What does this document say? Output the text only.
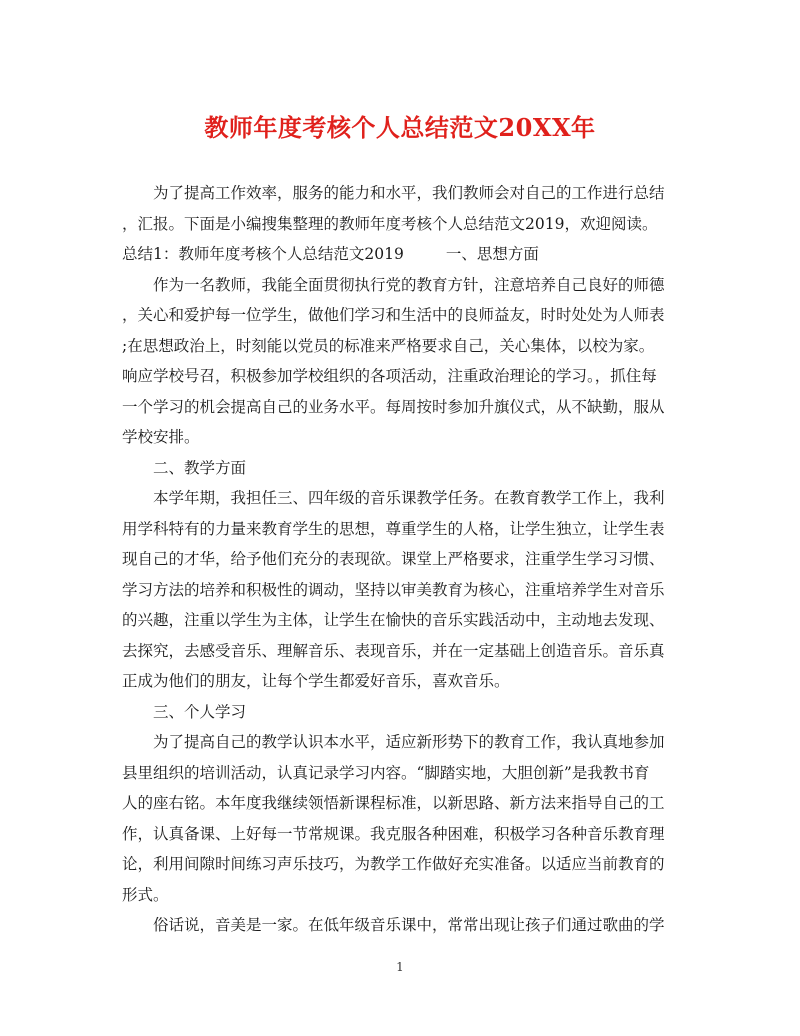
教师年度考核个人总结范文20XX年
为了提高工作效率，服务的能力和水平，我们教师会对自己的工作进行总结
，汇报。下面是小编搜集整理的教师年度考核个人总结范文2019，欢迎阅读。
总结1：教师年度考核个人总结范文2019	一、思想方面
作为一名教师，我能全面贯彻执行党的教育方针，注意培养自己良好的师德
，关心和爱护每一位学生，做他们学习和生活中的良师益友，时时处处为人师表
;在思想政治上，时刻能以党员的标准来严格要求自己，关心集体，以校为家。
响应学校号召，积极参加学校组织的各项活动，注重政治理论的学习。，抓住每
一个学习的机会提高自己的业务水平。每周按时参加升旗仪式，从不缺勤，服从
学校安排。
二、教学方面
本学年期，我担任三、四年级的音乐课教学任务。在教育教学工作上，我利
用学科特有的力量来教育学生的思想，尊重学生的人格，让学生独立，让学生表
现自己的才华，给予他们充分的表现欲。课堂上严格要求，注重学生学习习惯、
学习方法的培养和积极性的调动，坚持以审美教育为核心，注重培养学生对音乐
的兴趣，注重以学生为主体，让学生在愉快的音乐实践活动中，主动地去发现、
去探究，去感受音乐、理解音乐、表现音乐，并在一定基础上创造音乐。音乐真
正成为他们的朋友，让每个学生都爱好音乐，喜欢音乐。
三、个人学习
为了提高自己的教学认识本水平，适应新形势下的教育工作，我认真地参加
县里组织的培训活动，认真记录学习内容。“脚踏实地，大胆创新”是我教书育
人的座右铭。本年度我继续领悟新课程标准，以新思路、新方法来指导自己的工
作，认真备课、上好每一节常规课。我克服各种困难，积极学习各种音乐教育理
论，利用间隙时间练习声乐技巧，为教学工作做好充实准备。以适应当前教育的
形式。
俗话说，音美是一家。在低年级音乐课中，常常出现让孩子们通过歌曲的学
1
